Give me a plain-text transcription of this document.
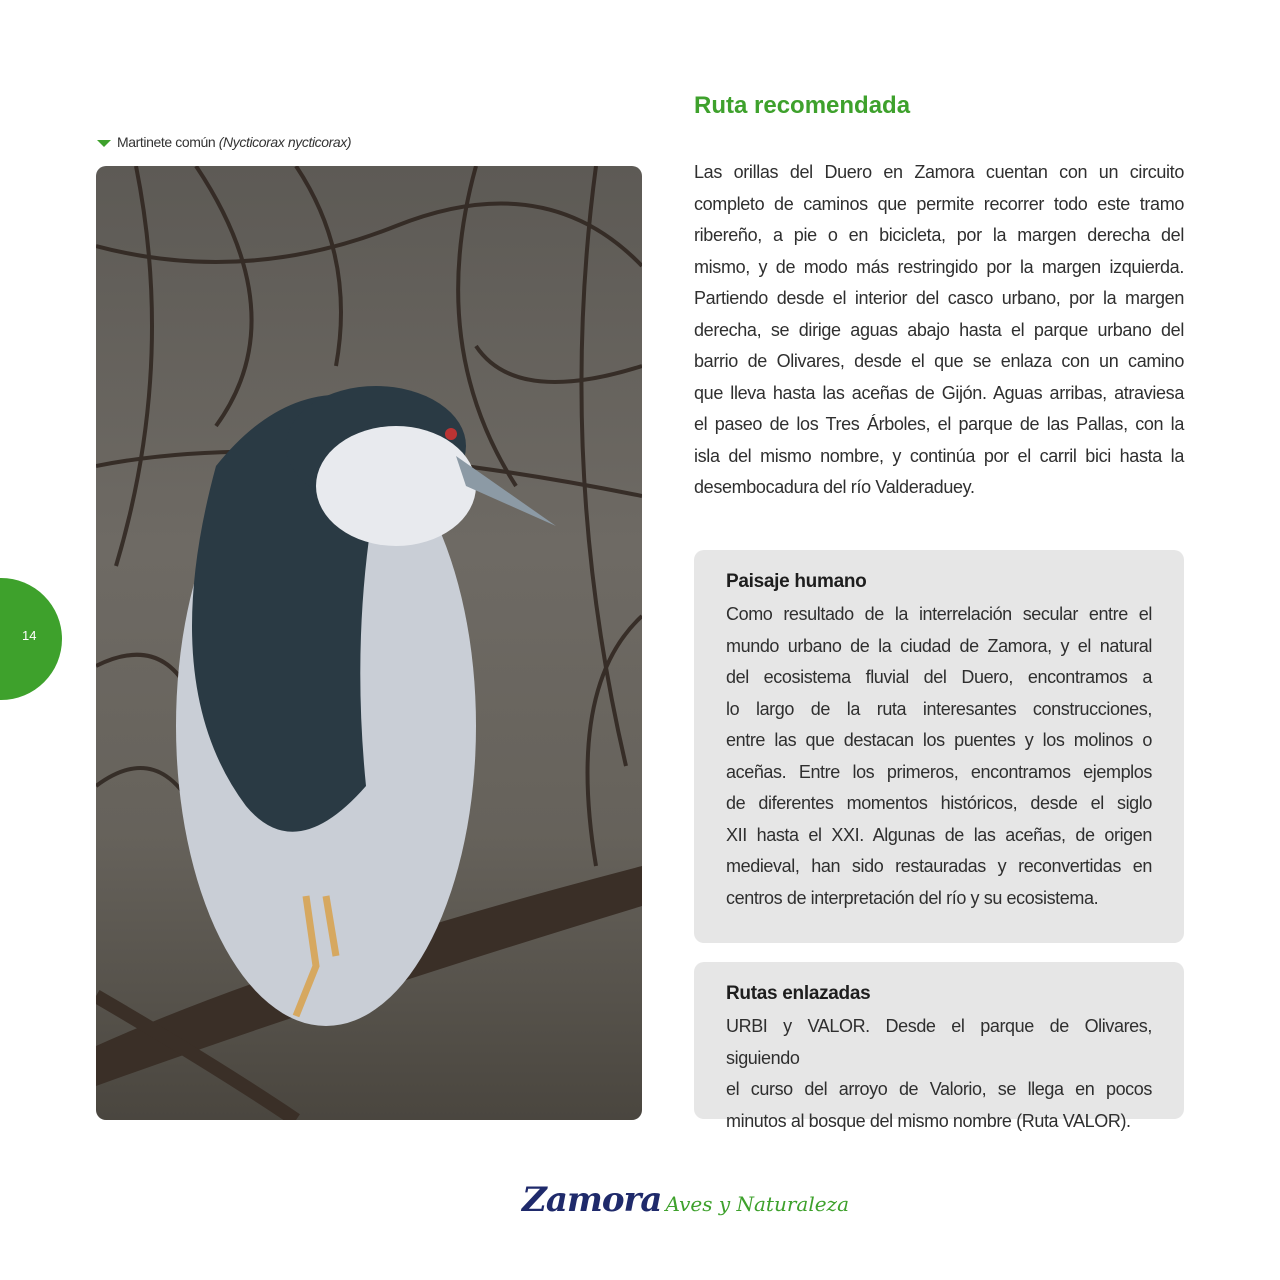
14
Martinete común (Nycticorax nycticorax)
Ruta recomendada
Las orillas del Duero en Zamora cuentan con un circuito
completo de caminos que permite recorrer todo este tramo
ribereño, a pie o en bicicleta, por la margen derecha del
mismo, y de modo más restringido por la margen izquierda.
Partiendo desde el interior del casco urbano, por la margen
derecha, se dirige aguas abajo hasta el parque urbano del
barrio de Olivares, desde el que se enlaza con un camino
que lleva hasta las aceñas de Gijón. Aguas arribas, atraviesa
el paseo de los Tres Árboles, el parque de las Pallas, con la
isla del mismo nombre, y continúa por el carril bici hasta la
desembocadura del río Valderaduey.
Paisaje humano
Como resultado de la interrelación secular entre el
mundo urbano de la ciudad de Zamora, y el natural
del ecosistema fluvial del Duero, encontramos a
lo largo de la ruta interesantes construcciones,
entre las que destacan los puentes y los molinos o
aceñas. Entre los primeros, encontramos ejemplos
de diferentes momentos históricos, desde el siglo
XII hasta el XXI. Algunas de las aceñas, de origen
medieval, han sido restauradas y reconvertidas en
centros de interpretación del río y su ecosistema.
Rutas enlazadas
URBI y VALOR. Desde el parque de Olivares, siguiendo
el curso del arroyo de Valorio, se llega en pocos
minutos al bosque del mismo nombre (Ruta VALOR).
Zamora Aves y Naturaleza
